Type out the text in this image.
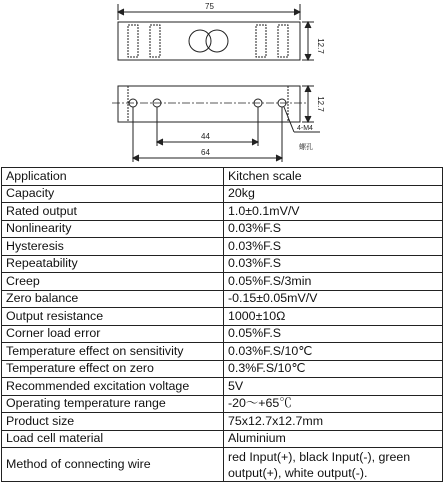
75
12.7
12.7
44
64
4-M4
螺孔
Application	Kitchen scale
Capacity	20kg
Rated output	1.0±0.1mV/V
Nonlinearity	0.03%F.S
Hysteresis	0.03%F.S
Repeatability	0.03%F.S
Creep	0.05%F.S/3min
Zero balance	-0.15±0.05mV/V
Output resistance	1000±10Ω
Corner load error	0.05%F.S
Temperature effect on sensitivity	0.03%F.S/10℃
Temperature effect on zero	0.3%F.S/10℃
Recommended excitation voltage	5V
Operating temperature range	-20～+65℃
Product size	75x12.7x12.7mm
Load cell material	Aluminium
Method of connecting wire	red Input(+), black Input(-), green output(+), white output(-).
